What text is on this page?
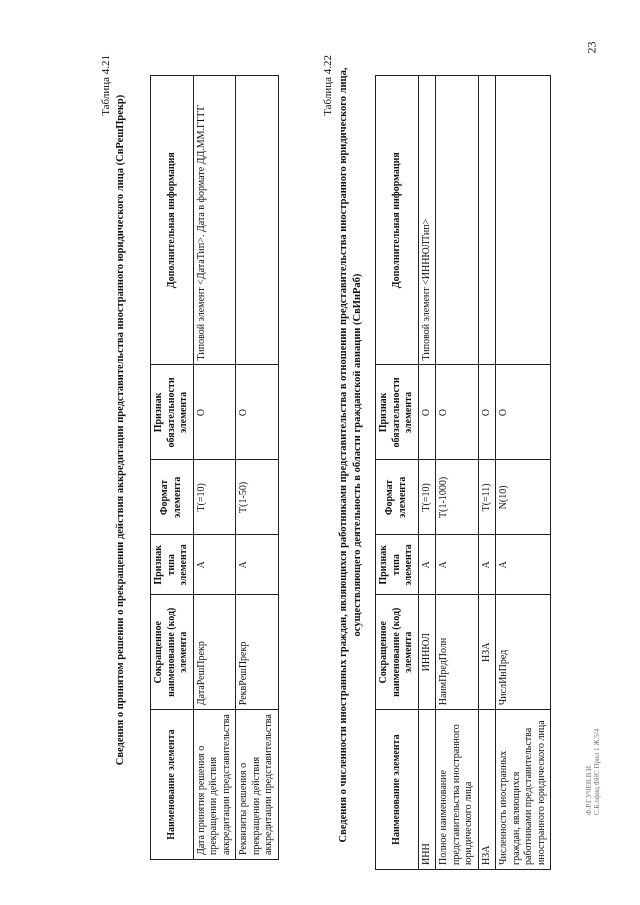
23
Таблица 4.21
Сведения о принятом решении о прекращении действия аккредитации представительства иностранного юридического лица (СвРешПрекр)
Наименование элемента	Сокращенное наименование (код) элемента	Признак типа элемента	Формат элемента	Признак обязательности элемента	Дополнительная информация
Дата принятия решения о прекращении действия аккредитации представительства	ДатаРешПрекр	А	T(=10)	О	Типовой элемент <ДатаТип>. Дата в формате ДД.ММ.ГГГГ
Реквизиты решения о прекращении действия аккредитации представительства	РеквРешПрекр	А	T(1-50)	О	
Таблица 4.22 Сведения о численности иностранных граждан, являющихся работниками представительства в отношении представительства иностранного юридического лица, осуществляющего деятельность в области гражданской авиации (СвИнРаб)
Наименование элемента	Сокращенное наименование (код) элемента	Признак типа элемента	Формат элемента	Признак обязательности элемента	Дополнительная информация
ИНН	ИННЮЛ	А	T(=10)	О	Типовой элемент <ИННЮЛТип>
Полное наименование представительства иностранного юридического лица	НаимПредПолн	А	T(1-1000)	О	
НЗА	НЗА	А	T(=11)	О	
Численность иностранных граждан, являющихся работниками представительства иностранного юридического лица	ЧислИнПред	А	N(10)	О	
Ф.Р.Г.УЧЕН.В.И. С.Б.офиц.ФНС Прил 1 Ж.5/4
